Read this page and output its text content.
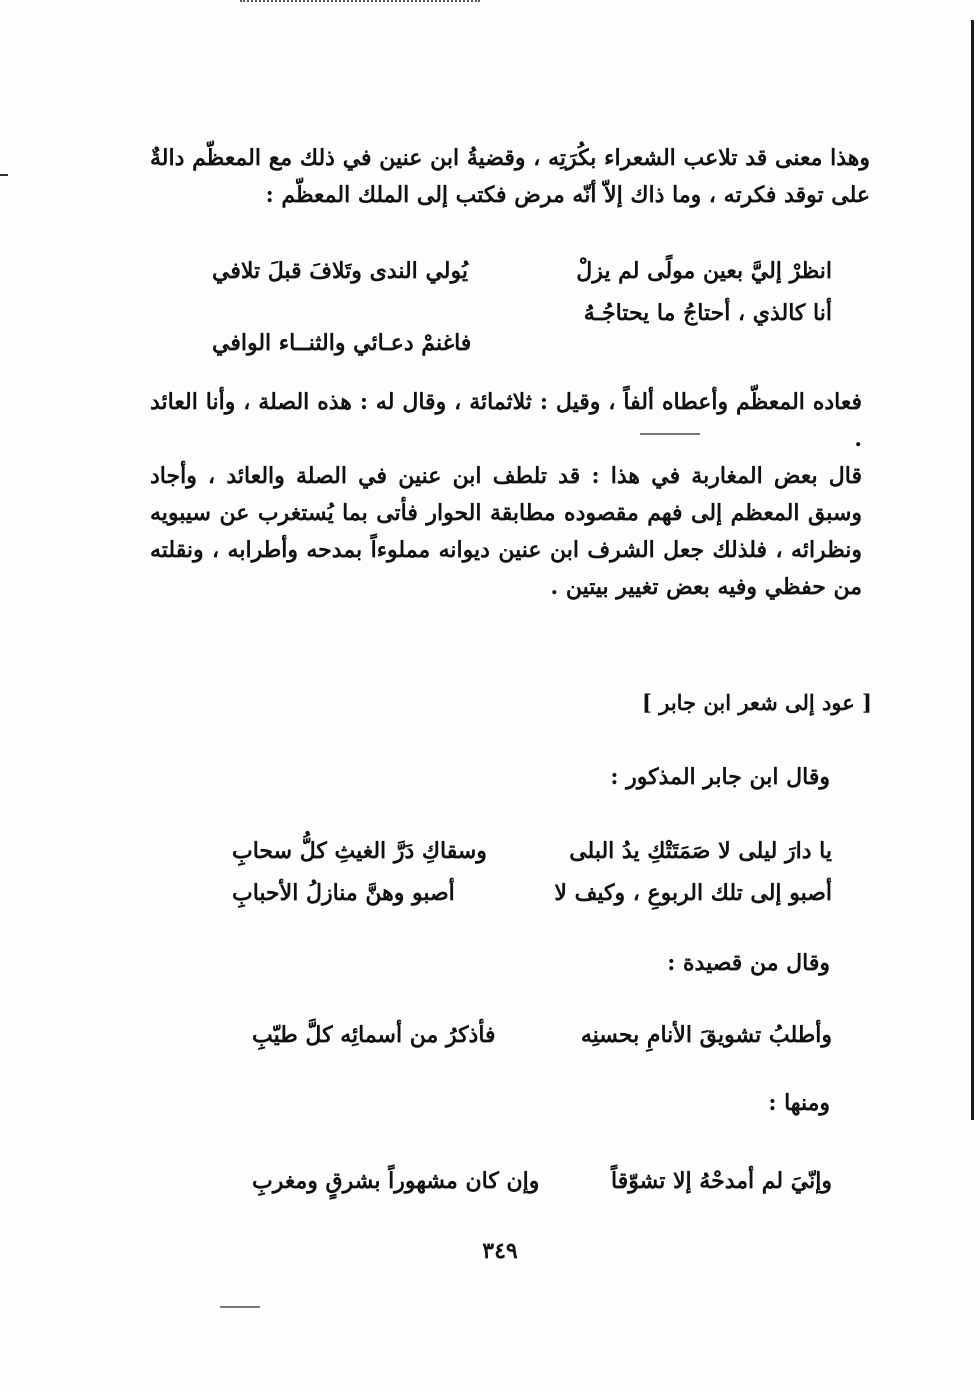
وهذا معنى قد تلاعب الشعراء بكُرَتِه ، وقضيةُ ابن عنين في ذلك مع المعظّم دالةٌ على توقد فكرته ، وما ذاك إلاّ أنّه مرض فكتب إلى الملك المعظّم :

انظرْ إليَّ بعين مولًى لم يزلْ
يُولي الندى وتَلافَ قبلَ تلافي
أنا كالذي ، أحتاجُ ما يحتاجُـهُ
فاغنمْ دعـائي والثنــاء الوافي

فعاده المعظّم وأعطاه ألفاً ، وقيل : ثلاثمائة ، وقال له : هذه الصلة ، وأنا العائد .

قال بعض المغاربة في هذا : قد تلطف ابن عنين في الصلة والعائد ، وأجاد وسبق المعظم إلى فهم مقصوده مطابقة الحوار فأتى بما يُستغرب عن سيبويه ونظرائه ، فلذلك جعل الشرف ابن عنين ديوانه مملوءاً بمدحه وأطرابه ، ونقلته من حفظي وفيه بعض تغيير بيتين .

[ عود إلى شعر ابن جابر ]

وقال ابن جابر المذكور :

يا دارَ ليلى لا صَمَتَتْكِ يدُ البلى
وسقاكِ دَرَّ الغيثِ كلُّ سحابِ
أصبو إلى تلك الربوعِ ، وكيف لا
أصبو وهنَّ منازلُ الأحبابِ

وقال من قصيدة :

وأطلبُ تشويقَ الأنامِ بحسنِه
فأذكرُ من أسمائِه كلَّ طيّبِ

ومنها :

وإنّيَ لم أمدحْهُ إلا تشوّقاً
وإن كان مشهوراً بشرقٍ ومغربِ
٣٤٩
